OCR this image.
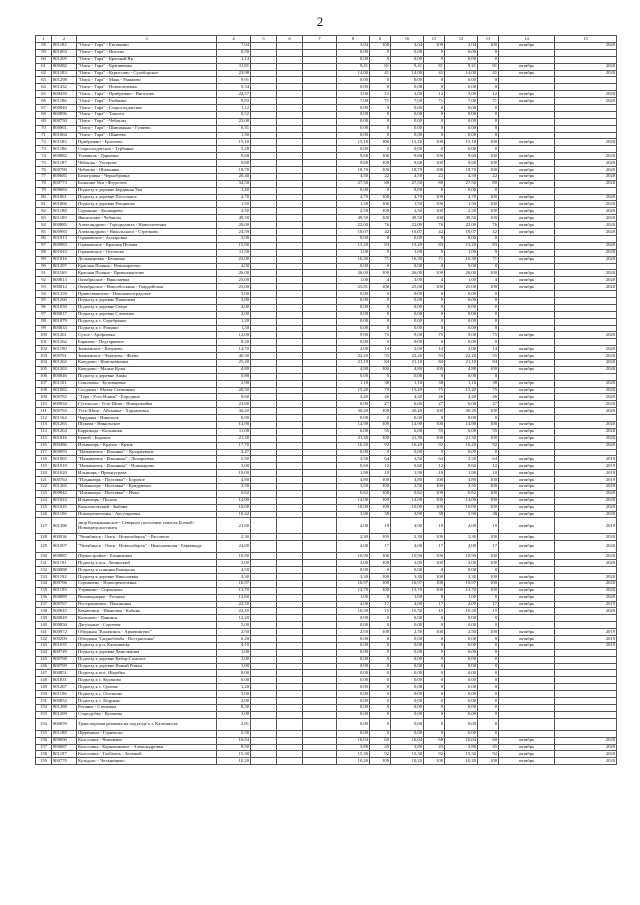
2
1	2	3	4	5	6	7	8	9	10	11	12	13	14	15
58	801182	"Омск - Тара" - Евгащино	7,04				3,04	100	3,04	100	3,04	100	октябрь	2020
59	801063	"Омск - Тара" - Ингалы	0,50				0,00	0	0,00	0	0,00	0		
60	801205	"Омск - Тара" - Красный Яр	1,14				0,00	0	0,00	0	0,00	0		
61	800482	"Омск - Тара" - Крапивенко	11,81				9,41	81	9,41	81	9,41	81	октябрь	2020
62	801183	"Омск - Тара" - Куриссово - Сухоборское	23,98				14,00	41	14,00	41	14,00	41	октябрь	2020
63	801298	"Омск - Тара" - Маяк - Рыжково	9,91				0,00	0	0,00	0	0,00	0		
64	801432	"Омск - Тара" - Новоплеченка	0,34				0,00	0	0,00	0	0,00	0		
65	800439	"Омск - Тара" - Прибрежно - Ингалово	24,57				3,00	12	3,00	12	3,00	12	октябрь	2020
66	801186	"Омск - Тара" - Рыбинка	9,93				7,00	71	7,00	71	7,00	71	октябрь	2020
67	800840	"Омск - Тара" - Старосолдатское	1,12				0,00	0	0,00	0	0,00	0		
68	800896	"Омск - Тара" - Таволга	0,52				0,00	0	0,00	0	0,00	0		
69	800750	"Омск - Тара" - Чебаклы	23,00				0,00	0	0,00	0	0,00	0		
70	800861	"Омск - Тара" - Шипицыно - Гуляево	6,31				0,00	0	0,00	0	0,00	0		
71	801064	"Омск - Тара" - Шнюево	1,50				0,00	0	0,00	0	0,00	0		
72	801185	Прибрежно - Ералтово	15,10				15,10	100	15,10	100	15,10	100	октябрь	2020
73	801186	Старосолдатское - Турбинка	5,28				0,00	0	0,00	0	0,00	0		
74	800882	Усоевыль - Дарьевка	9,68				9,68	100	9,68	100	9,68	100	октябрь	2020
75	801187	Чебаклы - Ухсерово	9,68				9,68	100	9,68	100	9,68	100	октябрь	2020
76	800790	Чебаклы - Шильинка	18,70				18,70	100	18,70	100	18,70	100	октябрь	2020
77	800685	Белогривка - Чернобровка	20,40				4,50	22	4,50	22	4,50	22	октябрь	2020
78	800773	Большие Уки - Федосеев	34,50				27,50	80	27,50	80	27,50	80	октябрь	2020
79	800684	Подъезд к деревне Бердиная Уки	1,50				0,00	0	0,00	0	0,00	0		
80	801061	Подъезд к деревне Посольное	4,70				4,70	100	4,70	100	4,70	100	октябрь	2020
81	801066	Подъезд к деревне Рощиково	1,50				1,50	100	1,50	100	1,50	100	октябрь	2020
82	801188	Сорокино - Кошкарево	2,50				2,50	100	2,50	100	2,50	100	октябрь	2020
83	801189	Якшеловка - Чебаклы	49,50				49,50	100	49,50	100	49,50	100	октябрь	2020
84	800885	Александрово - Городкуниха - Новоплеченка	20,00				22,00	76	22,00	76	22,00	76	октябрь	2020
85	800983	Александрово - Никольского - Стрелково	24,59				10,07	42	10,07	42	10,07	42	октябрь	2020
86	801013	Горьковское - Астыровка	3,00				0,00	0	0,00	0	0,00	0		
87	800983	Горьковское - Красная Поляна	15,90				13,20	83	13,20	83	13,20	83	октябрь	2020
88	801043	Горьковское - Оселково	11,50				1,00	9	1,00	9	1,00	9	октябрь	2020
89	801016	Дольменовка - Бешкино	23,00				16,30	71	16,30	71	16,30	71	октябрь	2020
90	801297	Красная Поляна - Новокарасево	4,00				0,00	0	0,00	0	0,00	0		
91	801169	Красная Поляна - Приволжкотово	26,00				26,00	100	26,00	100	26,00	100	октябрь	2020
92	800813	Октябрьское - Николаевка	25,00				1,00	4	1,00	4	1,00	4	октябрь	2020
93	800814	Октябрьское - Новообоскинь - Гвардейская	25,00				25,81	100	25,00	100	25,00	100	октябрь	2020
94	801259	Приволжкотово - Новопавлоградское	5,00				0,00	0	0,00	0	0,00	0		
95	801260	Подъезд к деревне Пашенька	3,00				0,00	0	0,00	0	0,00	0		
96	801050	Подъезд к деревне Сатра	4,00				0,00	0	0,00	0	0,00	0		
97	800017	Подъезд к деревне Слепенка	2,00				0,00	0	0,00	0	0,00	0		
98	801079	Подъезд к с. Серебряное	1,20				0,00	0	0,00	0	0,00	0		
99	800833	Подъезд к с. Рощино	1,50				0,00	0	0,00	0	0,00	0		
100	801261	Сухое - Арефьевка	12,00				9,00	75	9,00	75	9,00	75	октябрь	2020
101	801262	Баршево - Подтарковое	8,20				0,00	0	0,00	0	0,00	0		
102	801190	Знаменское - Качуково	14,70				2,00	14	2,00	14	2,00	14	октябрь	2020
103	800761	Знаменское - Чередово - Фильс	40,30				22,20	55	22,20	55	22,20	55	октябрь	2020
104	801262	Качурово - Новознаменка	25,20				21,10	84	21,10	84	21,10	84	октябрь	2020
105	801263	Качурово - Малые Кулы	4,80				4,80	100	4,80	100	4,80	100	октябрь	2020
106	800846	Подъезд к деревне Ашан	0,80				0,00	0	0,00	0	0,00	0		
107	801101	Соколовка - Бутовщевка	2,90				1,10	38	1,10	38	1,10	38	октябрь	2020
108	801082	Солдатка - Малая Степнинка	20,50				15,20	75	15,20	75	15,20	75	октябрь	2020
109	800762	"Тара - Усть-Ишим" - Бородино	9,60				4,40	46	4,40	46	4,40	46	октябрь	2020
110	800934	Гусельска - Усть-Шиш - Новоромайка	23,80				6,00	27	6,00	27	6,00	27	октябрь	2020
111	800763	Усть-Шиш - Айтышка - Харламовка	30,20				30,20	100	30,20	100	30,20	100	октябрь	2020
112	801164	Черданка - Никольск	0,90				0,00	0	0,00	0	0,00	0		
113	801263	Шукова - Никольское	14,90				14,90	100	14,90	100	14,90	100	октябрь	2020
114	801264	Баррикада - Кольшики	11,00				6,00	55	6,00	55	6,00	55	октябрь	2020
115	801016	Бешей - Боровое	21,30				21,30	100	21,30	100	21,30	100	октябрь	2020
116	800486	Ильинаэрь - Красно - Крань	17,70				16,20	92	16,20	92	16,20	92	октябрь	2020
117	800093	"Называевск - Ильинка" - Кухарьевкиз	3,47				0,00	0	0,00	0	0,00	0		
118	801065	"Называевск - Ильинька" - Лопарьевка	5,50				3,50	64	3,50	64	3,50	64	октябрь	2019
119	801019	"Называевск - Ильинька" - Новокарово	5,00				0,60	12	0,60	12	0,60	12	октябрь	2019
120	801020	Ильинарь - Приокутрова	19,00				1,90	10	1,90	10	1,90	10	октябрь	2019
121	800764	"Ильинаэрь - Полтавка" - Боровое	4,80				4,80	100	4,80	100	4,80	100	октябрь	2019
122	801265	"Ильинаэрь - Полтавка" - Кундрючка	3,50				3,50	100	3,50	100	3,50	100	октябрь	2020
123	800842	"Ильинаэрь - Полтавка" - Ичаи	0,62				0,62	100	0,62	100	0,62	100	октябрь	2020
124	801024	Ильинаэрь - Почаль	14,00				14,00	100	14,00	100	14,00	100	октябрь	2020
125	801025	Комсомольский - Зыбина	10,00				10,00	100	10,00	100	10,00	100	октябрь	2020
126	801106	Новоорешеченка - Аксуонровка	10,42				3,90	38	3,90	38	3,90	38	октябрь	2020
127	801296	зипр Казмышинское - Северное поселение совхоза Боевой - Новопредсанстинец	21,60				4,00	19	4,00	19	4,00	19	октябрь	2019
128	800936	"Челябинск - Омск - Новосибирск" - Рассмена	2,30				2,30	100	2,30	100	2,30	100	октябрь	2020
129	801007	"Челябинск - Омск - Новосибирск" - Николаевшан - Берникада	24,00				4,00	17	4,00	17	4,00	17	октябрь	2020
130	800887	Первостройка - Ельниковка	10,90				10,90	100	10,90	100	10,90	100	октябрь	2020
131	801191	Подъезд к пос. Ленинский	3,00				3,00	100	3,00	100	3,00	100	октябрь	2020
132	800088	Подъезд к станции Кыкарско	4,50				0,00	0	0,00	0	0,00	0		
133	801192	Подъезд к деревне Николаевка	3,30				3,30	100	3,30	100	3,30	100	октябрь	2020
134	800766	Сорокиено - Новоорешеченка	16,97				16,97	100	16,97	100	16,97	100	октябрь	2020
135	801193	Утрикино - Сорокиено	13,70				13,70	100	13,70	100	13,70	100	октябрь	2020
136	800889	Великоднерко - Ротанка	12,60				1,00	8	1,00	8	1,00	8	октябрь	2020
137	800767	Вострониовка - Ильининка	22,50				4,00	17	4,00	17	4,00	17	октябрь	2019
138	800845	Кемпеинск - Ивановка - Кабинь	22,35				10,50	15	10,50	15	10,50	15	октябрь	2020
139	800849	Кольцово - Панинск	12,20				0,00	0	0,00	0	0,00	0		
140	800850	Дагульные - Сергеева	5,00				0,00	0	0,00	0	0,00	0		
141	800972	Обходная "Калачинск - Аркачингено"	2,50				2,50	100	2,50	100	2,50	100	октябрь	2019
142	800209	Обходная "Сиднобомба - Вострясонки"	6,20				0,00	0	0,00	0	0,00	0	октябрь	2019
143	801035	Подъезд к р.п. Калачинску	4,10				0,00	0	0,00	0	0,00	0	октябрь	2019
144	800749	Подъезд к деревне Данучкипна	1,00				0,00	0	0,00	0	0,00	0		
145	800768	Подъезд к деревне Кабор-Сомское	1,00				0,00	0	0,00	0	0,00	0		
146	800769	Подъезд к деревне Новый Роман	1,00				0,00	0	0,00	0	0,00	0		
147	800851	Подъезд к пос. Индейка	8,00				0,00	0	0,00	0	0,00	0		
148	801831	Подъезд к с. Кулаково	0,00				0,00	0	0,00	0	0,00	0		
149	801267	Подъезд к с. Орловк	1,20				0,00	0	0,00	0	0,00	0		
150	801196	Подъезд к с. Оселкино	5,00				0,00	0	0,00	0	0,00	0		
151	800852	Подъезд к с. Бедржно	2,00				0,00	0	0,00	0	0,00	0		
152	801288	Ротанка - Стеножка	8,30				0,00	0	0,00	0	0,00	0		
153	801269	Стародубка - Кулакова	3,00				0,00	0	0,00	0	0,00	0		
154	800059	Транспортная развязка на подъезде к г. Калачинску	2,81				0,00	0	0,00	0	0,00	0		
155	801188	Щерёмино - Горневско	5,50				0,00	0	0,00	0	0,00	0		
156	800690	Колосовка - Вишневое	16,94				16,04	60	16,04	60	16,04	60	октябрь	2020
157	800687	Колосовка - Кармачаковое - Александровка	8,50				3,80	45	3,80	45	3,80	45	октябрь	2020
158	801197	Колосовка - Талбыоть - Зеленый	15,30				15,30	92	15,30	92	15,30	92	октябрь	2020
159	800770	Кузьдумс - Чельнищево	10,20				10,20	100	10,20	100	10,20	100	октябрь	2020
